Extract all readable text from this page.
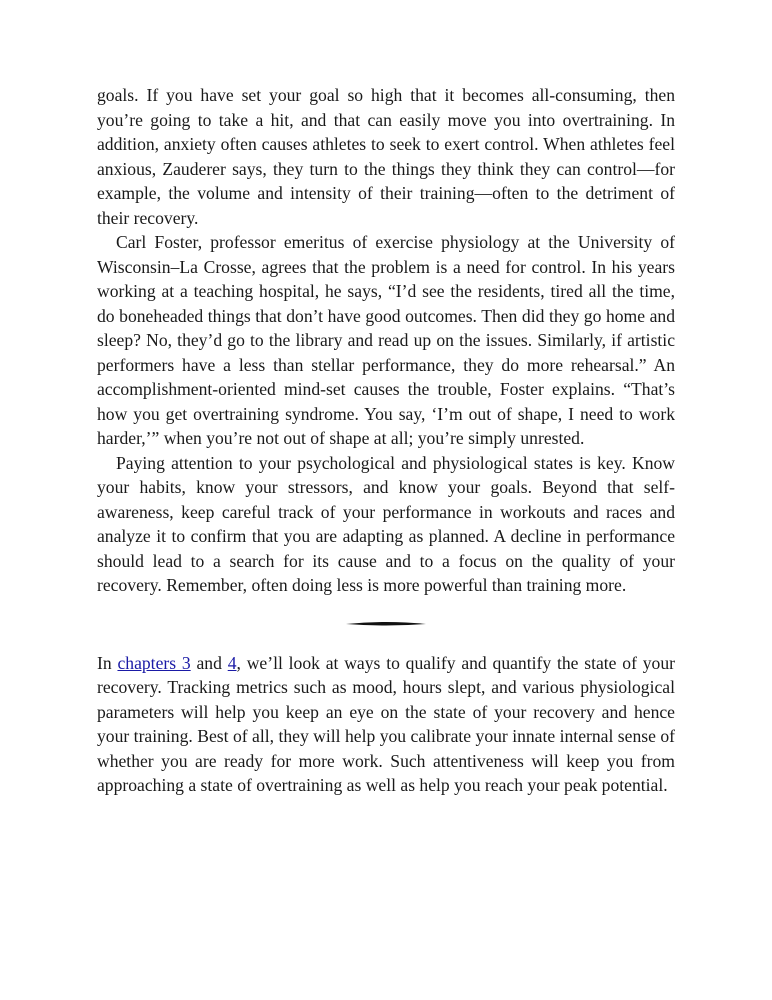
goals. If you have set your goal so high that it becomes all-consuming, then you’re going to take a hit, and that can easily move you into overtraining. In addition, anxiety often causes athletes to seek to exert control. When athletes feel anxious, Zauderer says, they turn to the things they think they can control—for example, the volume and intensity of their training—often to the detriment of their recovery.

Carl Foster, professor emeritus of exercise physiology at the University of Wisconsin–La Crosse, agrees that the problem is a need for control. In his years working at a teaching hospital, he says, “I’d see the residents, tired all the time, do boneheaded things that don’t have good outcomes. Then did they go home and sleep? No, they’d go to the library and read up on the issues. Similarly, if artistic performers have a less than stellar performance, they do more rehearsal.” An accomplishment-oriented mind-set causes the trouble, Foster explains. “That’s how you get overtraining syndrome. You say, ‘I’m out of shape, I need to work harder,’” when you’re not out of shape at all; you’re simply unrested.

Paying attention to your psychological and physiological states is key. Know your habits, know your stressors, and know your goals. Beyond that self-awareness, keep careful track of your performance in workouts and races and analyze it to confirm that you are adapting as planned. A decline in performance should lead to a search for its cause and to a focus on the quality of your recovery. Remember, often doing less is more powerful than training more.

In chapters 3 and 4, we’ll look at ways to qualify and quantify the state of your recovery. Tracking metrics such as mood, hours slept, and various physiological parameters will help you keep an eye on the state of your recovery and hence your training. Best of all, they will help you calibrate your innate internal sense of whether you are ready for more work. Such attentiveness will keep you from approaching a state of overtraining as well as help you reach your peak potential.
